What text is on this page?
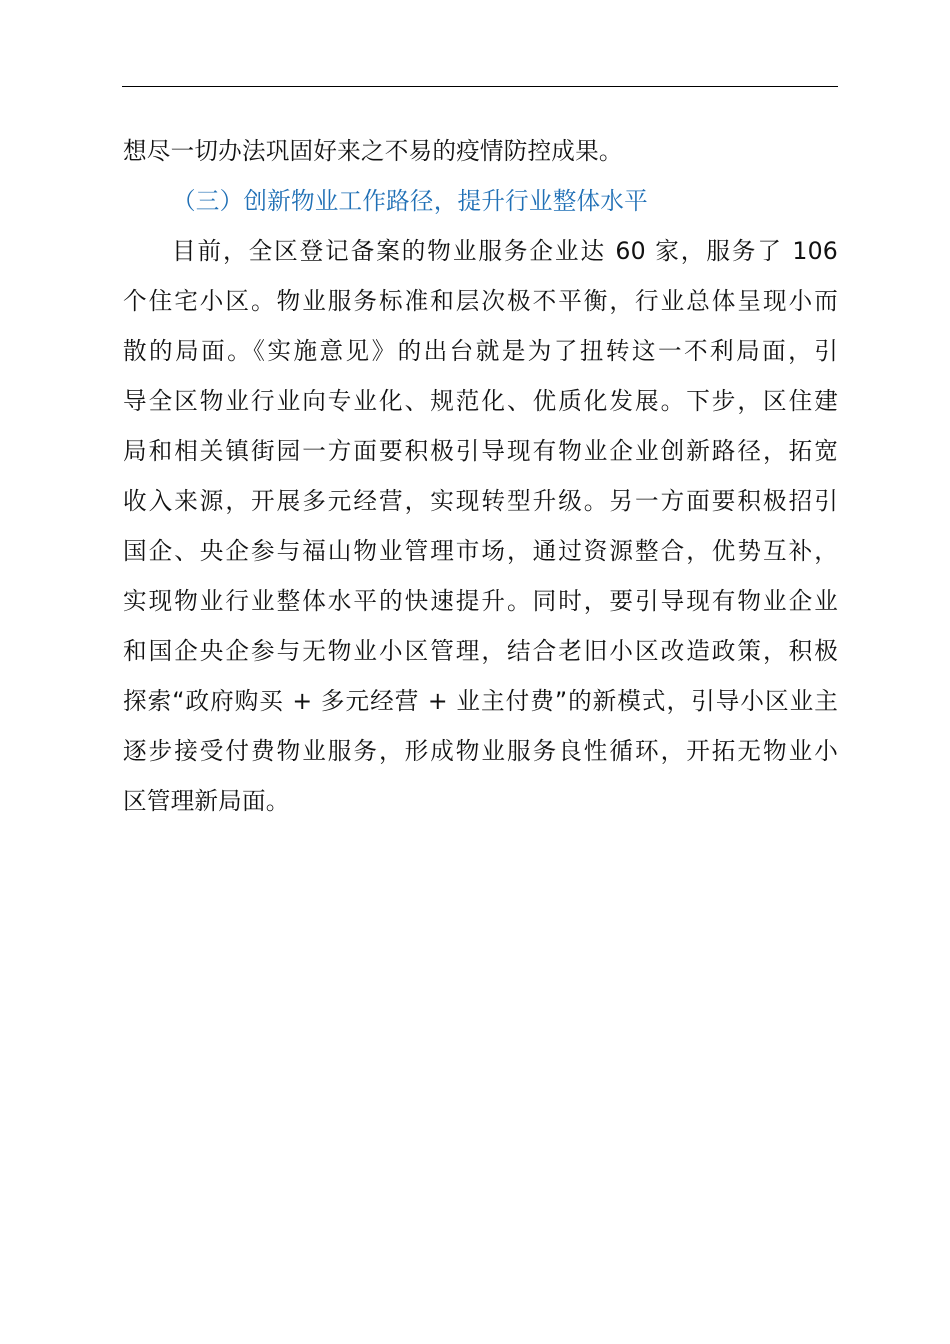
想尽一切办法巩固好来之不易的疫情防控成果。

（三）创新物业工作路径，提升行业整体水平

目前，全区登记备案的物业服务企业达 60 家，服务了 106
个住宅小区。物业服务标准和层次极不平衡，行业总体呈现小而
散的局面。《实施意见》的出台就是为了扭转这一不利局面，引
导全区物业行业向专业化、规范化、优质化发展。下步，区住建
局和相关镇街园一方面要积极引导现有物业企业创新路径，拓宽
收入来源，开展多元经营，实现转型升级。另一方面要积极招引
国企、央企参与福山物业管理市场，通过资源整合，优势互补，
实现物业行业整体水平的快速提升。同时，要引导现有物业企业
和国企央企参与无物业小区管理，结合老旧小区改造政策，积极
探索“政府购买 + 多元经营 + 业主付费”的新模式，引导小区业主
逐步接受付费物业服务，形成物业服务良性循环，开拓无物业小
区管理新局面。
